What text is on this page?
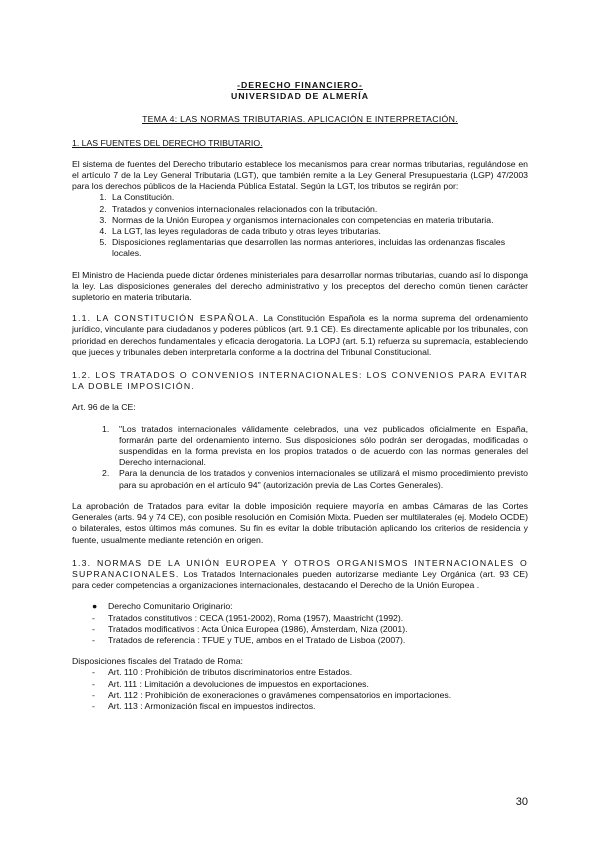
-DERECHO FINANCIERO-
UNIVERSIDAD DE ALMERÍA
TEMA 4: LAS NORMAS TRIBUTARIAS. APLICACIÓN E INTERPRETACIÓN.
1. LAS FUENTES DEL DERECHO TRIBUTARIO.

El sistema de fuentes del Derecho tributario establece los mecanismos para crear normas tributarias, regulándose en el artículo 7 de la Ley General Tributaria (LGT), que también remite a la Ley General Presupuestaria (LGP) 47/2003 para los derechos públicos de la Hacienda Pública Estatal. Según la LGT, los tributos se regirán por:

1. La Constitución.
2. Tratados y convenios internacionales relacionados con la tributación.
3. Normas de la Unión Europea y organismos internacionales con competencias en materia tributaria.
4. La LGT, las leyes reguladoras de cada tributo y otras leyes tributarias.
5. Disposiciones reglamentarias que desarrollen las normas anteriores, incluidas las ordenanzas fiscales locales.

El Ministro de Hacienda puede dictar órdenes ministeriales para desarrollar normas tributarias, cuando así lo disponga la ley. Las disposiciones generales del derecho administrativo y los preceptos del derecho común tienen carácter supletorio en materia tributaria.

1.1. LA CONSTITUCIÓN ESPAÑOLA. La Constitución Española es la norma suprema del ordenamiento jurídico, vinculante para ciudadanos y poderes públicos (art. 9.1 CE). Es directamente aplicable por los tribunales, con prioridad en derechos fundamentales y eficacia derogatoria. La LOPJ (art. 5.1) refuerza su supremacía, estableciendo que jueces y tribunales deben interpretarla conforme a la doctrina del Tribunal Constitucional.

1.2. LOS TRATADOS O CONVENIOS INTERNACIONALES: LOS CONVENIOS PARA EVITAR LA DOBLE IMPOSICIÓN.

Art. 96 de la CE:

1. "Los tratados internacionales válidamente celebrados, una vez publicados oficialmente en España, formarán parte del ordenamiento interno. Sus disposiciones sólo podrán ser derogadas, modificadas o suspendidas en la forma prevista en los propios tratados o de acuerdo con las normas generales del Derecho internacional.
2. Para la denuncia de los tratados y convenios internacionales se utilizará el mismo procedimiento previsto para su aprobación en el artículo 94" (autorización previa de Las Cortes Generales).

La aprobación de Tratados para evitar la doble imposición requiere mayoría en ambas Cámaras de las Cortes Generales (arts. 94 y 74 CE), con posible resolución en Comisión Mixta. Pueden ser multilaterales (ej. Modelo OCDE) o bilaterales, estos últimos más comunes. Su fin es evitar la doble tributación aplicando los criterios de residencia y fuente, usualmente mediante retención en origen.

1.3. NORMAS DE LA UNIÓN EUROPEA Y OTROS ORGANISMOS INTERNACIONALES O SUPRANACIONALES. Los Tratados Internacionales pueden autorizarse mediante Ley Orgánica (art. 93 CE) para ceder competencias a organizaciones internacionales, destacando el Derecho de la Unión Europea .

● Derecho Comunitario Originario:
- Tratados constitutivos : CECA (1951-2002), Roma (1957), Maastricht (1992).
- Tratados modificativos : Acta Única Europea (1986), Ámsterdam, Niza (2001).
- Tratados de referencia : TFUE y TUE, ambos en el Tratado de Lisboa (2007).

Disposiciones fiscales del Tratado de Roma:

- Art. 110 : Prohibición de tributos discriminatorios entre Estados.
- Art. 111 : Limitación a devoluciones de impuestos en exportaciones.
- Art. 112 : Prohibición de exoneraciones o gravámenes compensatorios en importaciones.
- Art. 113 : Armonización fiscal en impuestos indirectos.
30
